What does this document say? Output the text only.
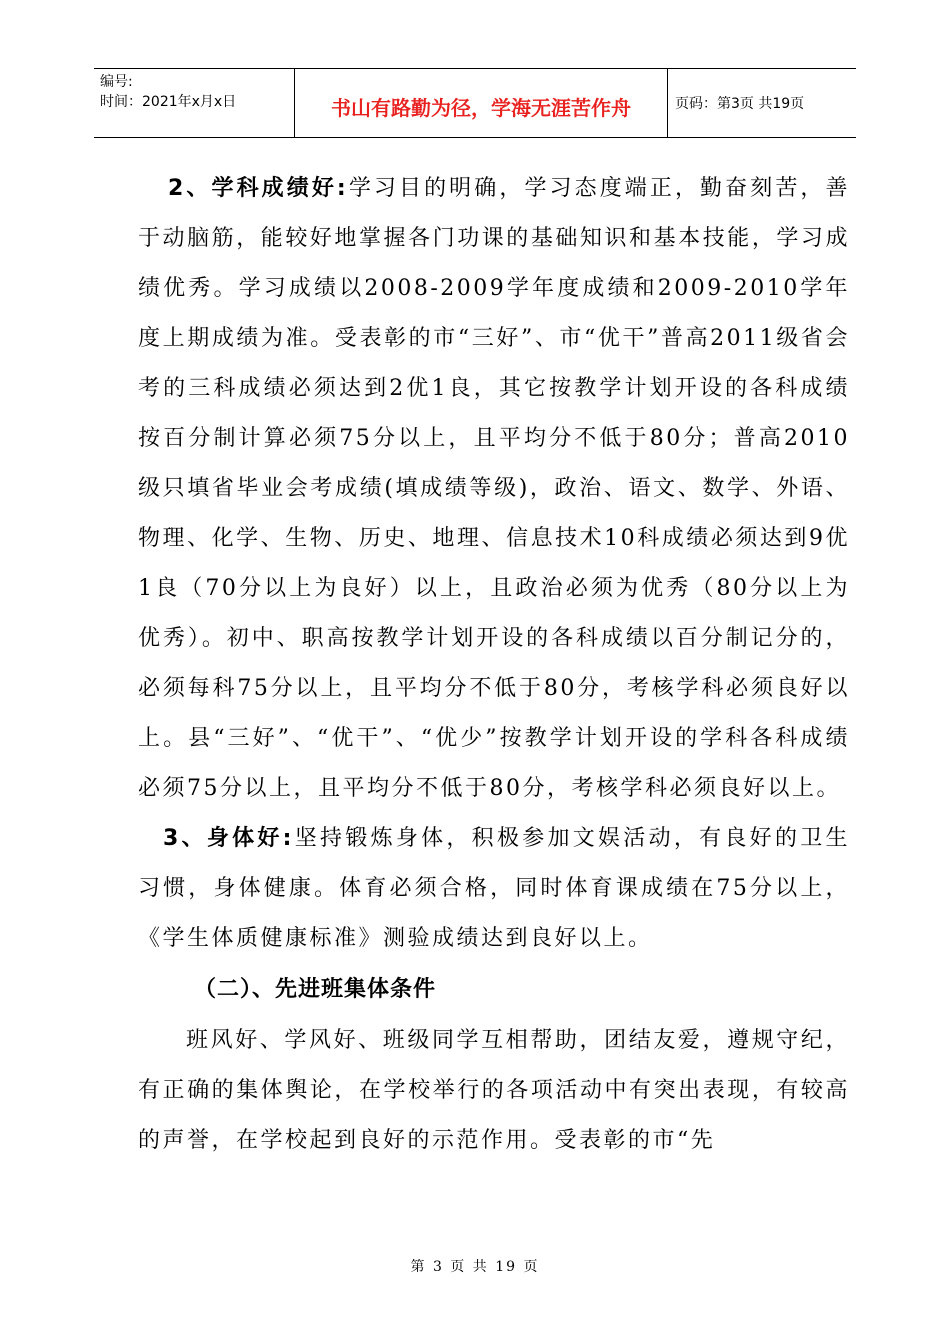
编号:
时间：2021年x月x日	书山有路勤为径，学海无涯苦作舟	页码：第3页 共19页

2、学科成绩好:学习目的明确，学习态度端正，勤奋刻苦，善于动脑筋，能较好地掌握各门功课的基础知识和基本技能，学习成绩优秀。学习成绩以2008-2009学年度成绩和2009-2010学年度上期成绩为准。受表彰的市“三好”、市“优干”普高2011级省会考的三科成绩必须达到2优1良，其它按教学计划开设的各科成绩按百分制计算必须75分以上，且平均分不低于80分；普高2010级只填省毕业会考成绩(填成绩等级)，政治、语文、数学、外语、物理、化学、生物、历史、地理、信息技术10科成绩必须达到9优1良（70分以上为良好）以上，且政治必须为优秀（80分以上为优秀）。初中、职高按教学计划开设的各科成绩以百分制记分的，必须每科75分以上，且平均分不低于80分，考核学科必须良好以上。县“三好”、“优干”、“优少”按教学计划开设的学科各科成绩必须75分以上，且平均分不低于80分，考核学科必须良好以上。

3、身体好:坚持锻炼身体，积极参加文娱活动，有良好的卫生习惯，身体健康。体育必须合格，同时体育课成绩在75分以上，《学生体质健康标准》测验成绩达到良好以上。

（二）、先进班集体条件

班风好、学风好、班级同学互相帮助，团结友爱，遵规守纪，有正确的集体舆论，在学校举行的各项活动中有突出表现，有较高的声誉，在学校起到良好的示范作用。受表彰的市“先

第 3 页 共 19 页
